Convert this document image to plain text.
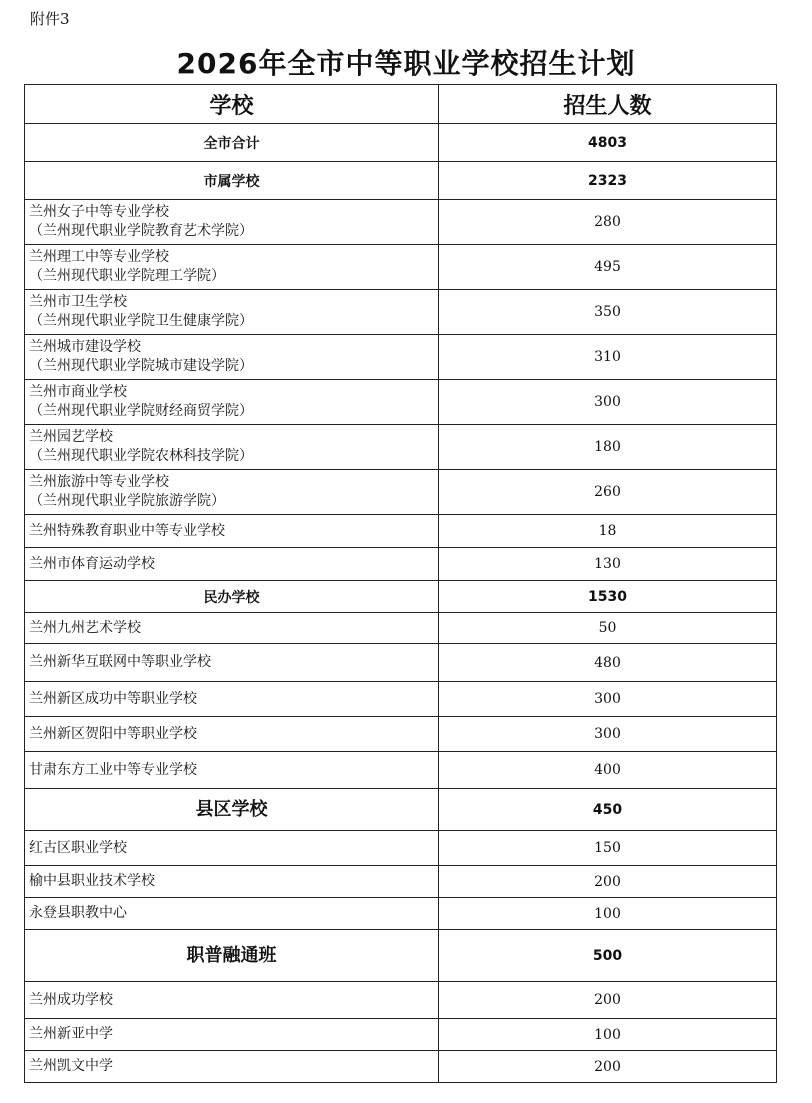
附件3
2026年全市中等职业学校招生计划
学校	招生人数
全市合计	4803
市属学校	2323

兰州女子中等专业学校
（兰州现代职业学院教育艺术学院）	280

兰州理工中等专业学校
（兰州现代职业学院理工学院）	495

兰州市卫生学校
（兰州现代职业学院卫生健康学院）	350

兰州城市建设学校
（兰州现代职业学院城市建设学院）	310

兰州市商业学校
（兰州现代职业学院财经商贸学院）	300

兰州园艺学校
（兰州现代职业学院农林科技学院）	180

兰州旅游中等专业学校
（兰州现代职业学院旅游学院）	260
兰州特殊教育职业中等专业学校	18
兰州市体育运动学校	130
民办学校	1530
兰州九州艺术学校	50
兰州新华互联网中等职业学校	480
兰州新区成功中等职业学校	300
兰州新区贺阳中等职业学校	300
甘肃东方工业中等专业学校	400
县区学校	450
红古区职业学校	150
榆中县职业技术学校	200
永登县职教中心	100
职普融通班	500
兰州成功学校	200
兰州新亚中学	100
兰州凯文中学	200
